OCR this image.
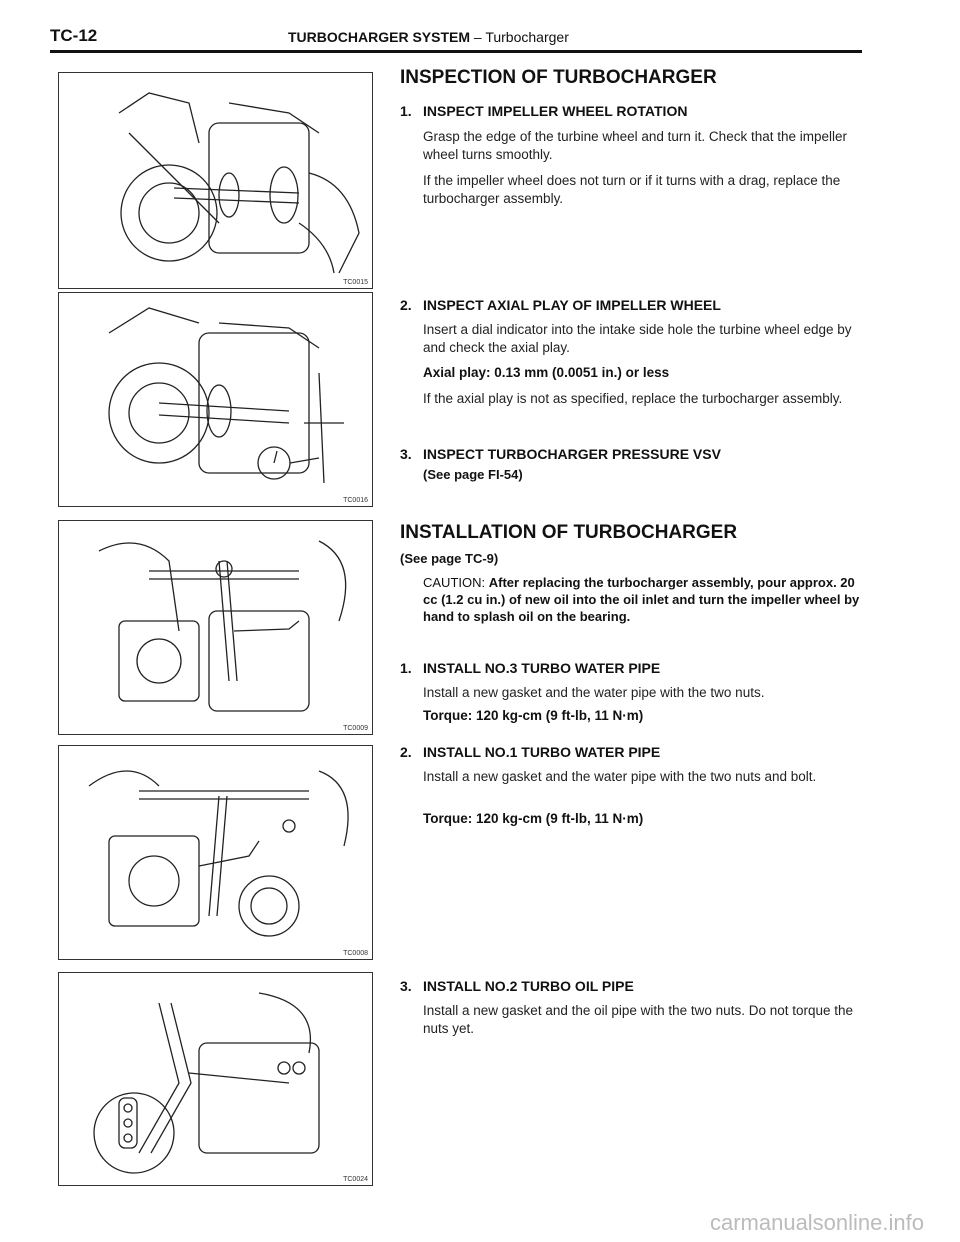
TC-12	TURBOCHARGER SYSTEM – Turbocharger
TC0015
TC0016
TC0009
TC0008
TC0024
INSPECTION OF TURBOCHARGER
1. INSPECT IMPELLER WHEEL ROTATION
Grasp the edge of the turbine wheel and turn it. Check that the impeller wheel turns smoothly.
If the impeller wheel does not turn or if it turns with a drag, replace the turbocharger assembly.
2. INSPECT AXIAL PLAY OF IMPELLER WHEEL
Insert a dial indicator into the intake side hole the turbine wheel edge by and check the axial play.
Axial play: 0.13 mm (0.0051 in.) or less
If the axial play is not as specified, replace the turbocharger assembly.
3. INSPECT TURBOCHARGER PRESSURE VSV
(See page FI-54)
INSTALLATION OF TURBOCHARGER
(See page TC-9)
CAUTION: After replacing the turbocharger assembly, pour approx. 20 cc (1.2 cu in.) of new oil into the oil inlet and turn the impeller wheel by hand to splash oil on the bearing.
1. INSTALL NO.3 TURBO WATER PIPE
Install a new gasket and the water pipe with the two nuts.
Torque: 120 kg-cm (9 ft-lb, 11 N·m)
2. INSTALL NO.1 TURBO WATER PIPE
Install a new gasket and the water pipe with the two nuts and bolt.
Torque: 120 kg-cm (9 ft-lb, 11 N·m)
3. INSTALL NO.2 TURBO OIL PIPE
Install a new gasket and the oil pipe with the two nuts. Do not torque the nuts yet.
carmanualsonline.info
